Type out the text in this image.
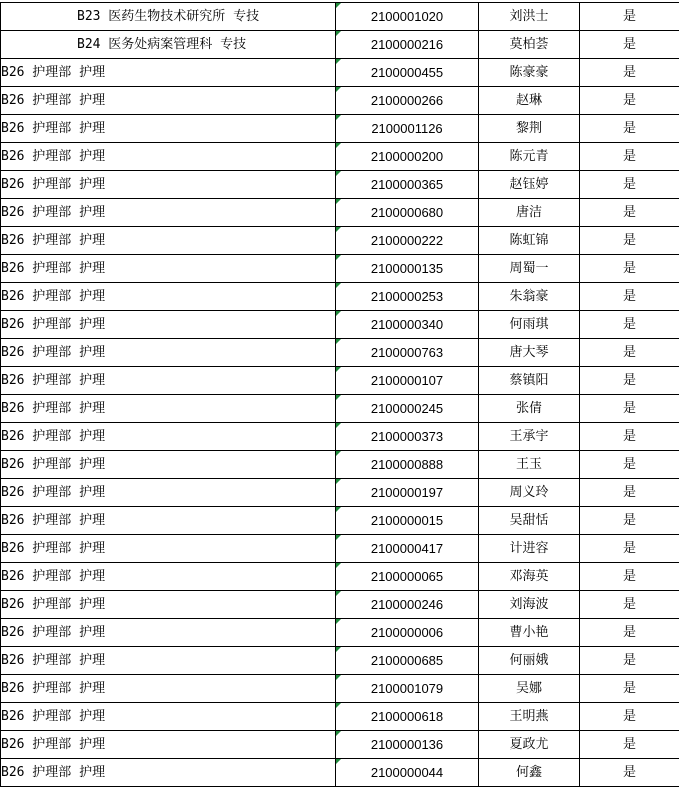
B23 医药生物技术研究所 专技	2100001020	刘洪士	是
B24 医务处病案管理科 专技	2100000216	莫柏荟	是
B26 护理部 护理	2100000455	陈豪豪	是
B26 护理部 护理	2100000266	赵琳	是
B26 护理部 护理	2100001126	黎荆	是
B26 护理部 护理	2100000200	陈元青	是
B26 护理部 护理	2100000365	赵钰婷	是
B26 护理部 护理	2100000680	唐洁	是
B26 护理部 护理	2100000222	陈虹锦	是
B26 护理部 护理	2100000135	周蜀一	是
B26 护理部 护理	2100000253	朱翁豪	是
B26 护理部 护理	2100000340	何雨琪	是
B26 护理部 护理	2100000763	唐大琴	是
B26 护理部 护理	2100000107	蔡镇阳	是
B26 护理部 护理	2100000245	张倩	是
B26 护理部 护理	2100000373	王承宇	是
B26 护理部 护理	2100000888	王玉	是
B26 护理部 护理	2100000197	周义玲	是
B26 护理部 护理	2100000015	吴甜恬	是
B26 护理部 护理	2100000417	计进容	是
B26 护理部 护理	2100000065	邓海英	是
B26 护理部 护理	2100000246	刘海波	是
B26 护理部 护理	2100000006	曹小艳	是
B26 护理部 护理	2100000685	何丽娥	是
B26 护理部 护理	2100001079	吴娜	是
B26 护理部 护理	2100000618	王明燕	是
B26 护理部 护理	2100000136	夏政尤	是
B26 护理部 护理	2100000044	何鑫	是
